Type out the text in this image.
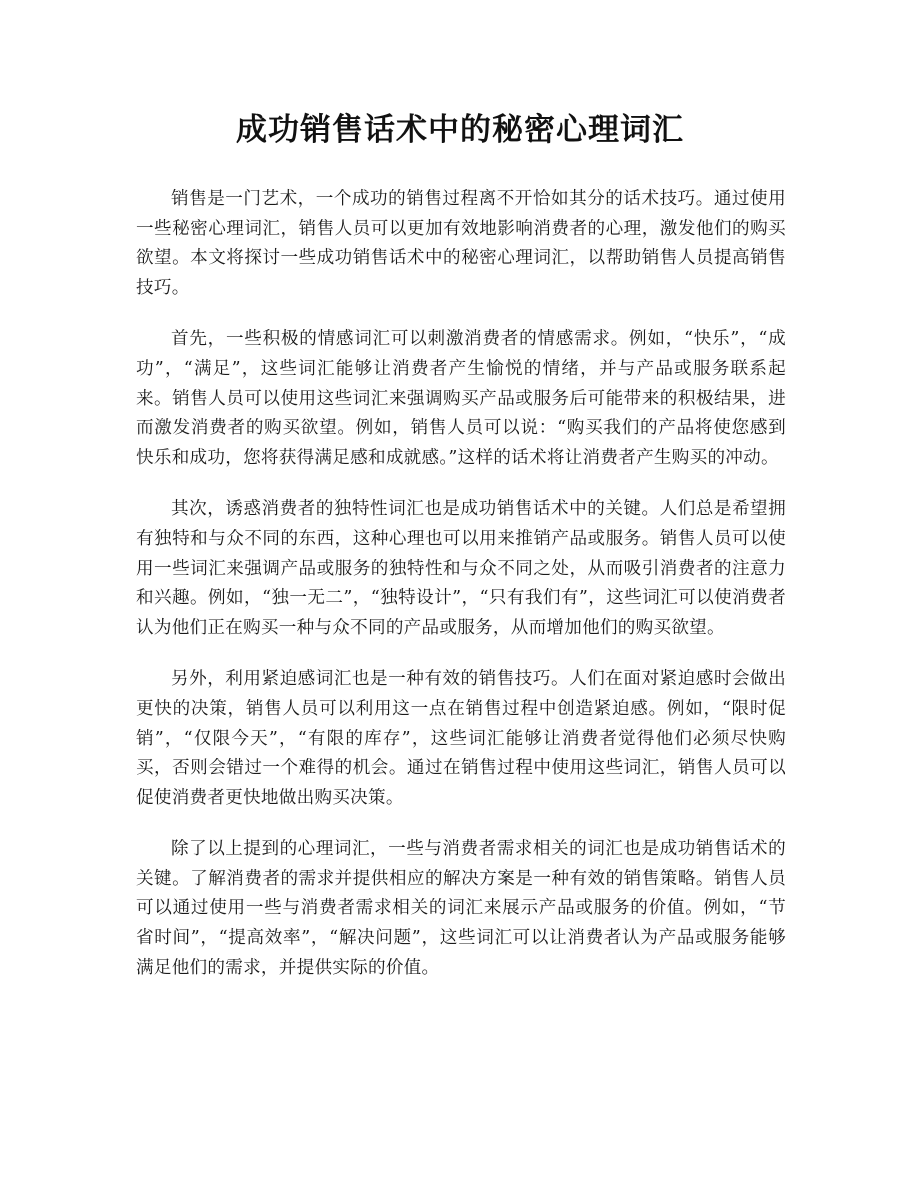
成功销售话术中的秘密心理词汇

销售是一门艺术，一个成功的销售过程离不开恰如其分的话术技巧。通过使用一些秘密心理词汇，销售人员可以更加有效地影响消费者的心理，激发他们的购买欲望。本文将探讨一些成功销售话术中的秘密心理词汇，以帮助销售人员提高销售技巧。

首先，一些积极的情感词汇可以刺激消费者的情感需求。例如，“快乐”，“成功”，“满足”，这些词汇能够让消费者产生愉悦的情绪，并与产品或服务联系起来。销售人员可以使用这些词汇来强调购买产品或服务后可能带来的积极结果，进而激发消费者的购买欲望。例如，销售人员可以说：“购买我们的产品将使您感到快乐和成功，您将获得满足感和成就感。”这样的话术将让消费者产生购买的冲动。

其次，诱惑消费者的独特性词汇也是成功销售话术中的关键。人们总是希望拥有独特和与众不同的东西，这种心理也可以用来推销产品或服务。销售人员可以使用一些词汇来强调产品或服务的独特性和与众不同之处，从而吸引消费者的注意力和兴趣。例如，“独一无二”，“独特设计”，“只有我们有”，这些词汇可以使消费者认为他们正在购买一种与众不同的产品或服务，从而增加他们的购买欲望。

另外，利用紧迫感词汇也是一种有效的销售技巧。人们在面对紧迫感时会做出更快的决策，销售人员可以利用这一点在销售过程中创造紧迫感。例如，“限时促销”，“仅限今天”，“有限的库存”，这些词汇能够让消费者觉得他们必须尽快购买，否则会错过一个难得的机会。通过在销售过程中使用这些词汇，销售人员可以促使消费者更快地做出购买决策。

除了以上提到的心理词汇，一些与消费者需求相关的词汇也是成功销售话术的关键。了解消费者的需求并提供相应的解决方案是一种有效的销售策略。销售人员可以通过使用一些与消费者需求相关的词汇来展示产品或服务的价值。例如，“节省时间”，“提高效率”，“解决问题”，这些词汇可以让消费者认为产品或服务能够满足他们的需求，并提供实际的价值。
